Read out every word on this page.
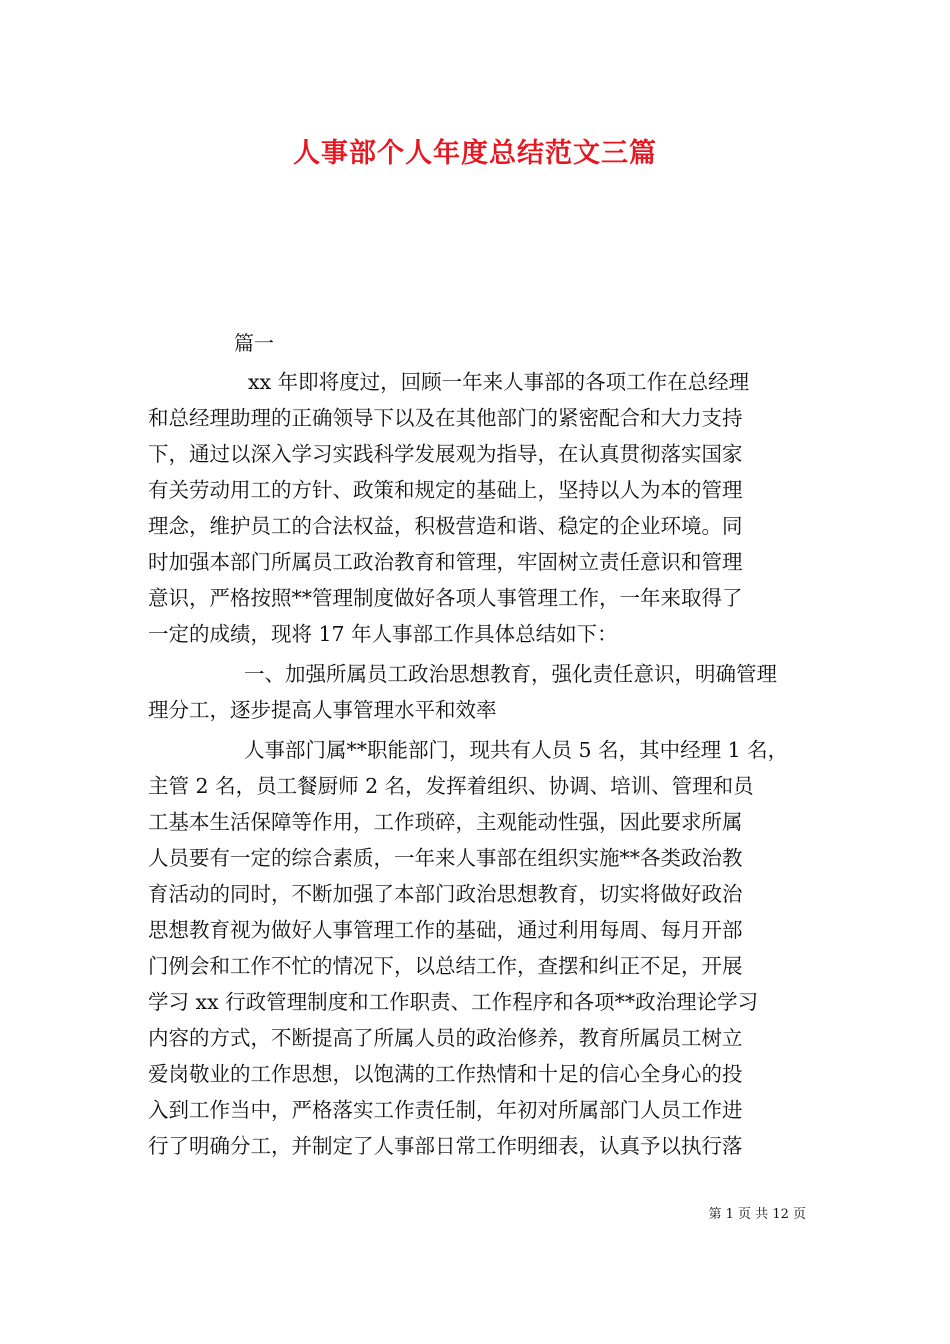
人事部个人年度总结范文三篇
篇一
xx 年即将度过，回顾一年来人事部的各项工作在总经理
和总经理助理的正确领导下以及在其他部门的紧密配合和大力支持
下，通过以深入学习实践科学发展观为指导，在认真贯彻落实国家
有关劳动用工的方针、政策和规定的基础上，坚持以人为本的管理
理念，维护员工的合法权益，积极营造和谐、稳定的企业环境。同
时加强本部门所属员工政治教育和管理，牢固树立责任意识和管理
意识，严格按照**管理制度做好各项人事管理工作，一年来取得了
一定的成绩，现将 17 年人事部工作具体总结如下：
一、加强所属员工政治思想教育，强化责任意识，明确管理
理分工，逐步提高人事管理水平和效率
人事部门属**职能部门，现共有人员 5 名，其中经理 1 名，
主管 2 名，员工餐厨师 2 名，发挥着组织、协调、培训、管理和员
工基本生活保障等作用，工作琐碎，主观能动性强，因此要求所属
人员要有一定的综合素质，一年来人事部在组织实施**各类政治教
育活动的同时，不断加强了本部门政治思想教育，切实将做好政治
思想教育视为做好人事管理工作的基础，通过利用每周、每月开部
门例会和工作不忙的情况下，以总结工作，查摆和纠正不足，开展
学习 xx 行政管理制度和工作职责、工作程序和各项**政治理论学习
内容的方式，不断提高了所属人员的政治修养，教育所属员工树立
爱岗敬业的工作思想，以饱满的工作热情和十足的信心全身心的投
入到工作当中，严格落实工作责任制，年初对所属部门人员工作进
行了明确分工，并制定了人事部日常工作明细表，认真予以执行落
第 1 页 共 12 页
